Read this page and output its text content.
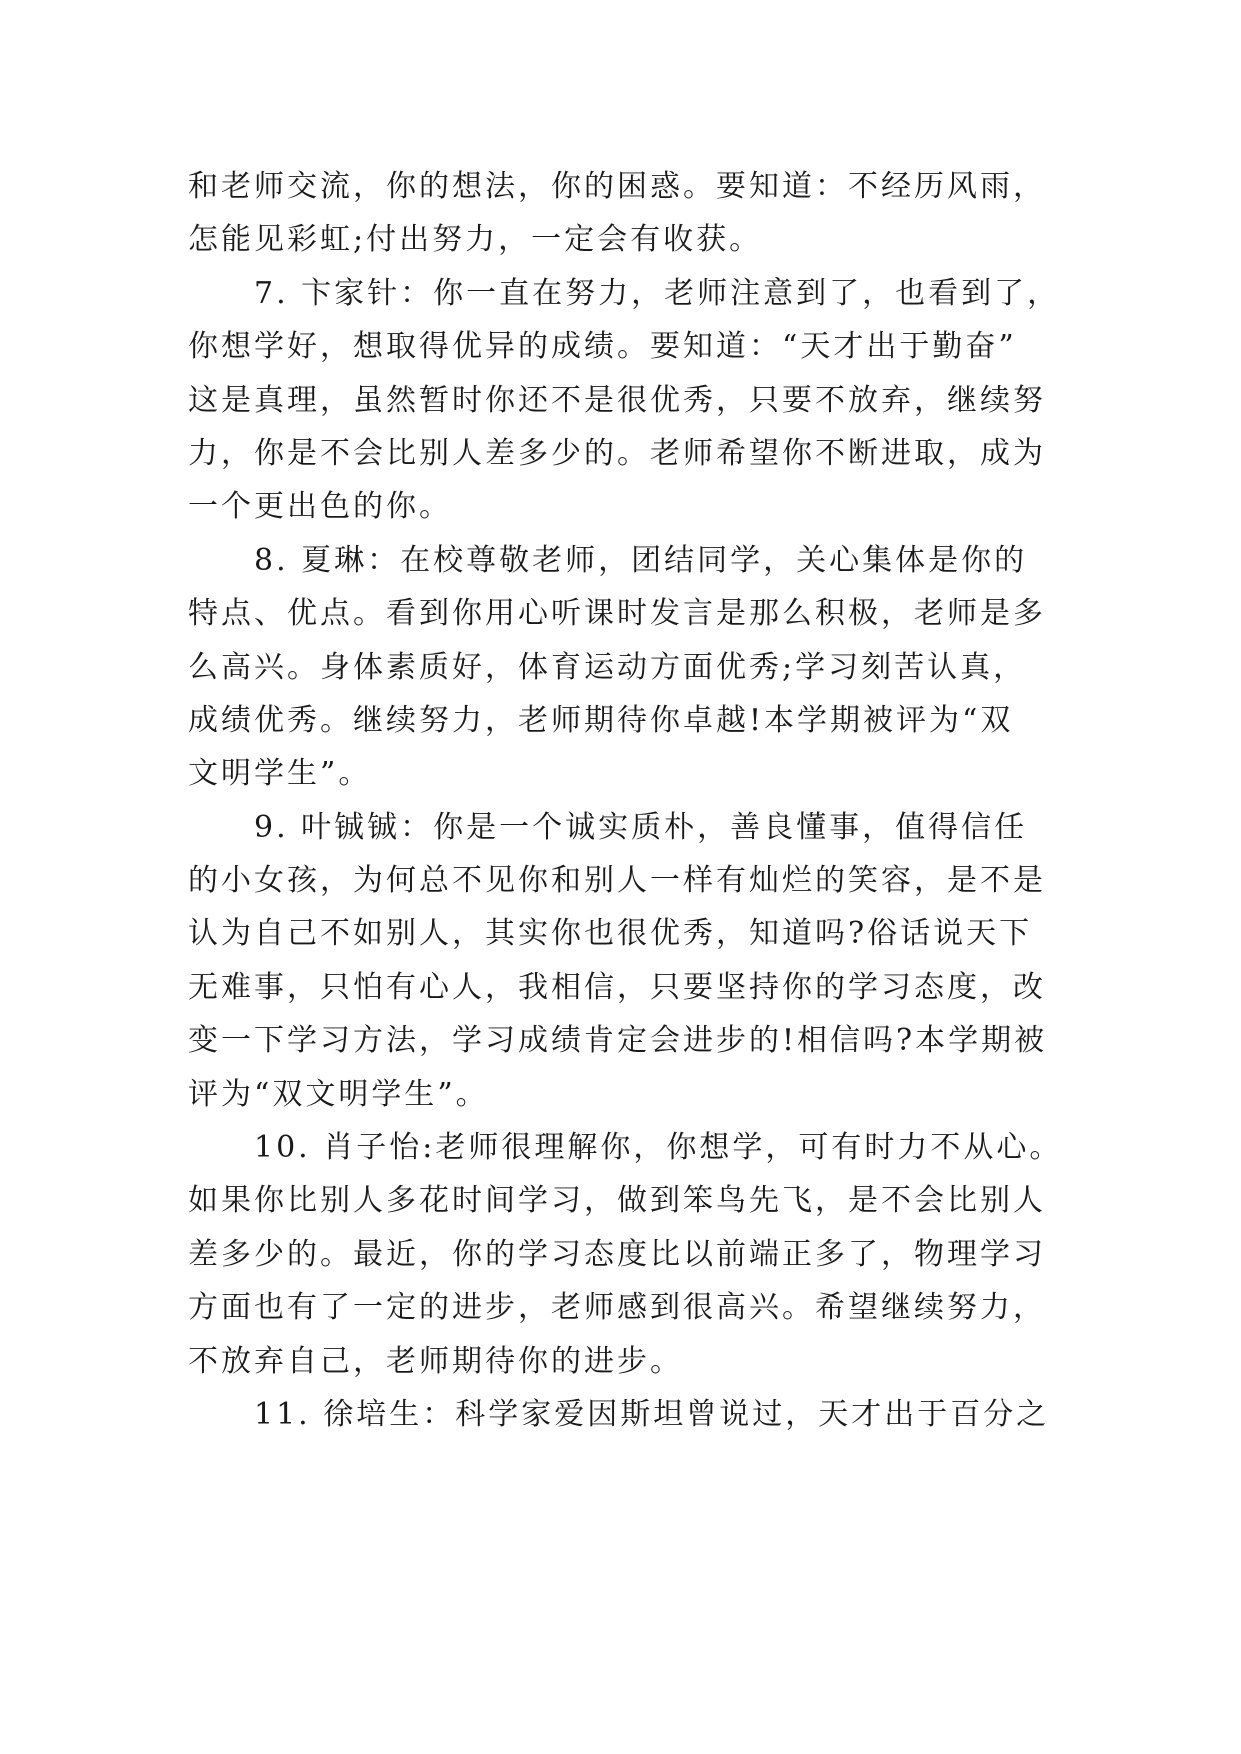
和老师交流，你的想法，你的困惑。要知道：不经历风雨，
怎能见彩虹;付出努力，一定会有收获。
7. 卞家针：你一直在努力，老师注意到了，也看到了，
你想学好，想取得优异的成绩。要知道：“天才出于勤奋”
这是真理，虽然暂时你还不是很优秀，只要不放弃，继续努
力，你是不会比别人差多少的。老师希望你不断进取，成为
一个更出色的你。
8. 夏琳：在校尊敬老师，团结同学，关心集体是你的
特点、优点。看到你用心听课时发言是那么积极，老师是多
么高兴。身体素质好，体育运动方面优秀;学习刻苦认真，
成绩优秀。继续努力，老师期待你卓越!本学期被评为“双
文明学生”。
9. 叶铖铖：你是一个诚实质朴，善良懂事，值得信任
的小女孩，为何总不见你和别人一样有灿烂的笑容，是不是
认为自己不如别人，其实你也很优秀，知道吗?俗话说天下
无难事，只怕有心人，我相信，只要坚持你的学习态度，改
变一下学习方法，学习成绩肯定会进步的!相信吗?本学期被
评为“双文明学生”。
10. 肖子怡:老师很理解你，你想学，可有时力不从心。
如果你比别人多花时间学习，做到笨鸟先飞，是不会比别人
差多少的。最近，你的学习态度比以前端正多了，物理学习
方面也有了一定的进步，老师感到很高兴。希望继续努力，
不放弃自己，老师期待你的进步。
11. 徐培生：科学家爱因斯坦曾说过，天才出于百分之
